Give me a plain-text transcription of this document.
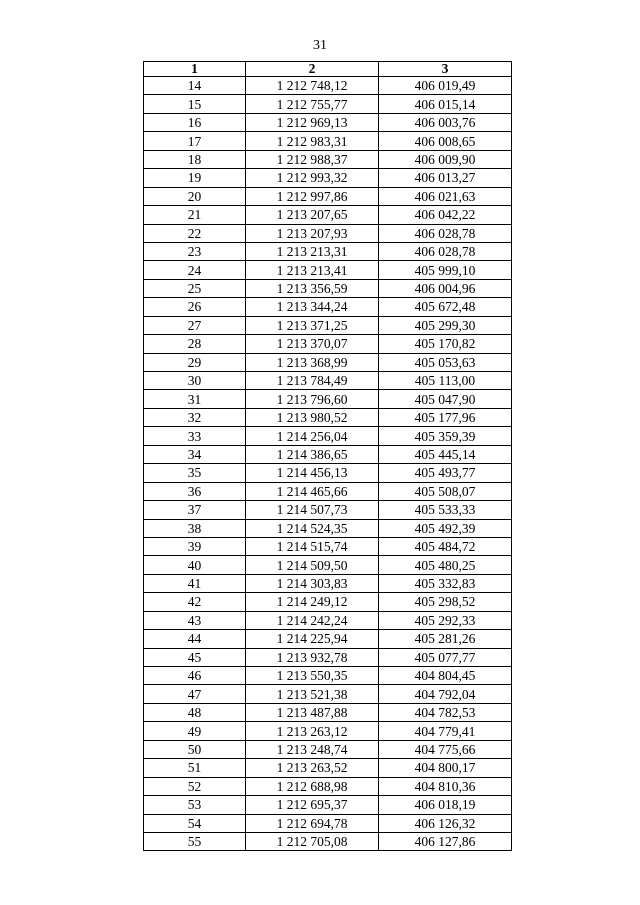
31
1	2	3
14	1 212 748,12	406 019,49
15	1 212 755,77	406 015,14
16	1 212 969,13	406 003,76
17	1 212 983,31	406 008,65
18	1 212 988,37	406 009,90
19	1 212 993,32	406 013,27
20	1 212 997,86	406 021,63
21	1 213 207,65	406 042,22
22	1 213 207,93	406 028,78
23	1 213 213,31	406 028,78
24	1 213 213,41	405 999,10
25	1 213 356,59	406 004,96
26	1 213 344,24	405 672,48
27	1 213 371,25	405 299,30
28	1 213 370,07	405 170,82
29	1 213 368,99	405 053,63
30	1 213 784,49	405 113,00
31	1 213 796,60	405 047,90
32	1 213 980,52	405 177,96
33	1 214 256,04	405 359,39
34	1 214 386,65	405 445,14
35	1 214 456,13	405 493,77
36	1 214 465,66	405 508,07
37	1 214 507,73	405 533,33
38	1 214 524,35	405 492,39
39	1 214 515,74	405 484,72
40	1 214 509,50	405 480,25
41	1 214 303,83	405 332,83
42	1 214 249,12	405 298,52
43	1 214 242,24	405 292,33
44	1 214 225,94	405 281,26
45	1 213 932,78	405 077,77
46	1 213 550,35	404 804,45
47	1 213 521,38	404 792,04
48	1 213 487,88	404 782,53
49	1 213 263,12	404 779,41
50	1 213 248,74	404 775,66
51	1 213 263,52	404 800,17
52	1 212 688,98	404 810,36
53	1 212 695,37	406 018,19
54	1 212 694,78	406 126,32
55	1 212 705,08	406 127,86
